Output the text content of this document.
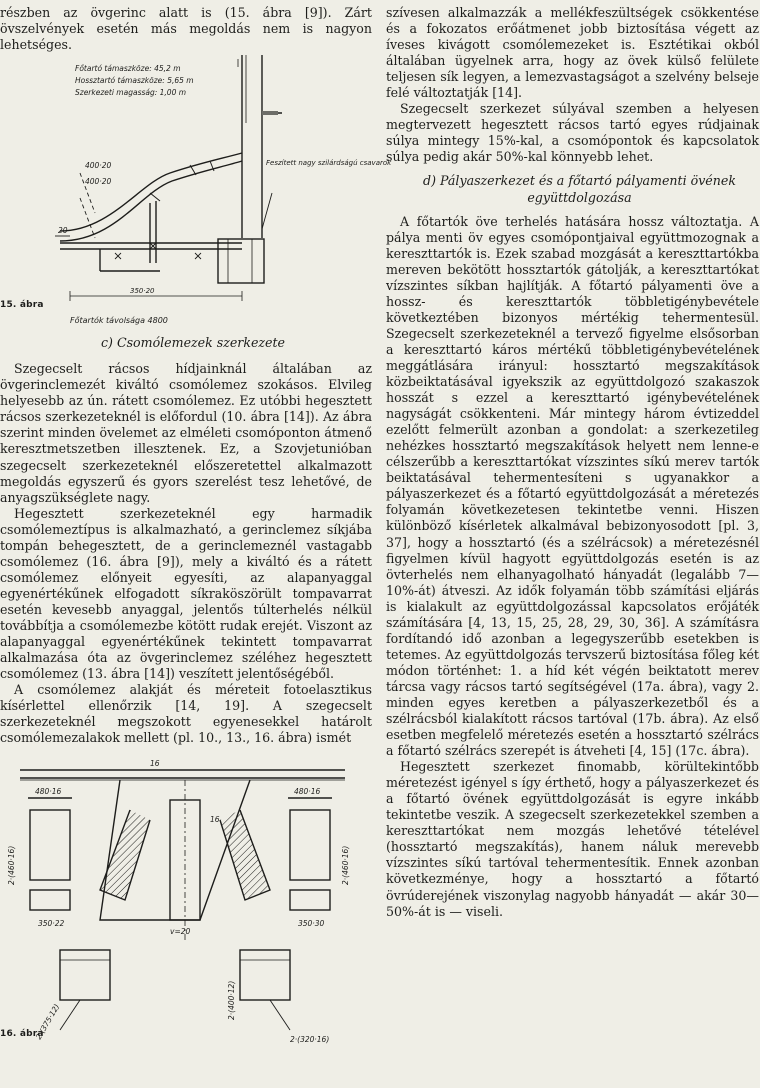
részben az övgerinc alatt is (15. ábra [9]). Zárt övszelvények esetén más megoldás nem is nagyon lehetséges.

Főtartó támaszköze: 45,2 m
Hossztartó támaszköze: 5,65 m
Szerkezeti magasság: 1,00 m
400·20
400·20
20
350·20
Feszített nagy szilárdságú csavarok
Főtartók távolsága 4800
15. ábra

c) Csomólemezek szerkezete

Szegecselt rácsos hídjainknál általában az övgerinclemezét kiváltó csomólemez szokásos. Elvileg helyesebb az ún. rátett csomólemez. Ez utóbbi hegesztett rácsos szerkezeteknél is előfordul (10. ábra [14]). Az ábra szerint minden övelemet az elméleti csomóponton átmenő keresztmetszetben illesztenek. Ez, a Szovjetunióban szegecselt szerkezeteknél előszeretettel alkalmazott megoldás egyszerű és gyors szerelést tesz lehetővé, de anyagszükséglete nagy.

Hegesztett szerkezeteknél egy harmadik csomólemeztípus is alkalmazható, a gerinclemez síkjába tompán behegesztett, de a gerinclemeznél vastagabb csomólemez (16. ábra [9]), mely a kiváltó és a rátett csomólemez előnyeit egyesíti, az alapanyaggal egyenértékűnek elfogadott síkraköszörült tompavarrat esetén kevesebb anyaggal, jelentős túlterhelés nélkül továbbítja a csomólemezbe kötött rudak erejét. Viszont az alapanyaggal egyenértékűnek tekintett tompavarrat alkalmazása óta az övgerinclemez széléhez hegesztett csomólemez (13. ábra [14]) veszített jelentőségéből.

A csomólemez alakját és méreteit fotoelasztikus kísérlettel ellenőrzik [14, 19]. A szegecselt szerkezeteknél megszokott egyenesekkel határolt csomólemezalakok mellett (pl. 10., 13., 16. ábra) ismét

16
480·16	480·16
2·(460·16)	2·(460·16)
350·22	350·30
v=20
16
2·(375·12)	2·(320·16)
2·(400·12)
16. ábra

szívesen alkalmazzák a mellékfeszültségek csökkentése és a fokozatos erőátmenet jobb biztosítása végett az íveses kivágott csomólemezeket is. Esztétikai okból általában ügyelnek arra, hogy az övek külső felülete teljesen sík legyen, a lemezvastagságot a szelvény belseje felé változtatják [14].

Szegecselt szerkezet súlyával szemben a helyesen megtervezett hegesztett rácsos tartó egyes rúdjainak súlya mintegy 15%-kal, a csomópontok és kapcsolatok súlya pedig akár 50%-kal könnyebb lehet.

d) Pályaszerkezet és a főtartó pályamenti övének

együttdolgozása

A főtartók öve terhelés hatására hossz változtatja. A pálya menti öv egyes csomópontjaival együttmozognak a kereszttartók is. Ezek szabad mozgását a kereszttartókba mereven bekötött hossztartók gátolják, a kereszttartókat vízszintes síkban hajlítják. A főtartó pályamenti öve a hossz- és kereszttartók többletigénybevétele következtében bizonyos mértékig tehermentesül. Szegecselt szerkezeteknél a tervező figyelme elsősorban a kereszttartó káros mértékű többletigénybevételének meggátlására irányul: hossztartó megszakítások közbeiktatásával igyekszik az együttdolgozó szakaszok hosszát s ezzel a kereszttartó igénybevételének nagyságát csökkenteni. Már mintegy három évtizeddel ezelőtt felmerült azonban a gondolat: a szerkezetileg nehézkes hossztartó megszakítások helyett nem lenne-e célszerűbb a kereszttartókat vízszintes síkú merev tartók beiktatásával tehermentesíteni s ugyanakkor a pályaszerkezet és a főtartó együttdolgozását a méretezés folyamán következetesen tekintetbe venni. Hiszen különböző kísérletek alkalmával bebizonyosodott [pl. 3, 37], hogy a hossztartó (és a szélrácsok) a méretezésnél figyelmen kívül hagyott együttdolgozás esetén is az övterhelés nem elhanyagolható hányadát (legalább 7—10%-át) átveszi. Az idők folyamán több számítási eljárás is kialakult az együttdolgozással kapcsolatos erőjáték számítására [4, 13, 15, 25, 28, 29, 30, 36]. A számításra fordítandó idő azonban a legegyszerűbb esetekben is tetemes. Az együttdolgozás tervszerű biztosítása főleg két módon történhet: 1. a híd két végén beiktatott merev tárcsa vagy rácsos tartó segítségével (17a. ábra), vagy 2. minden egyes keretben a pályaszerkezetből és a szélrácsból kialakított rácsos tartóval (17b. ábra). Az első esetben megfelelő méretezés esetén a hossztartó szélrács a főtartó szélrács szerepét is átveheti [4, 15] (17c. ábra).

Hegesztett szerkezet finomabb, körültekintőbb méretezést igényel s így érthető, hogy a pályaszerkezet és a főtartó övének együttdolgozását is egyre inkább tekintetbe veszik. A szegecselt szerkezetekkel szemben a kereszttartókat nem mozgás lehetővé tételével (hossztartó megszakítás), hanem náluk merevebb vízszintes síkú tartóval tehermentesítik. Ennek azonban következménye, hogy a hossztartó a főtartó övrúderejének viszonylag nagyobb hányadát — akár 30—50%-át is — viseli.
